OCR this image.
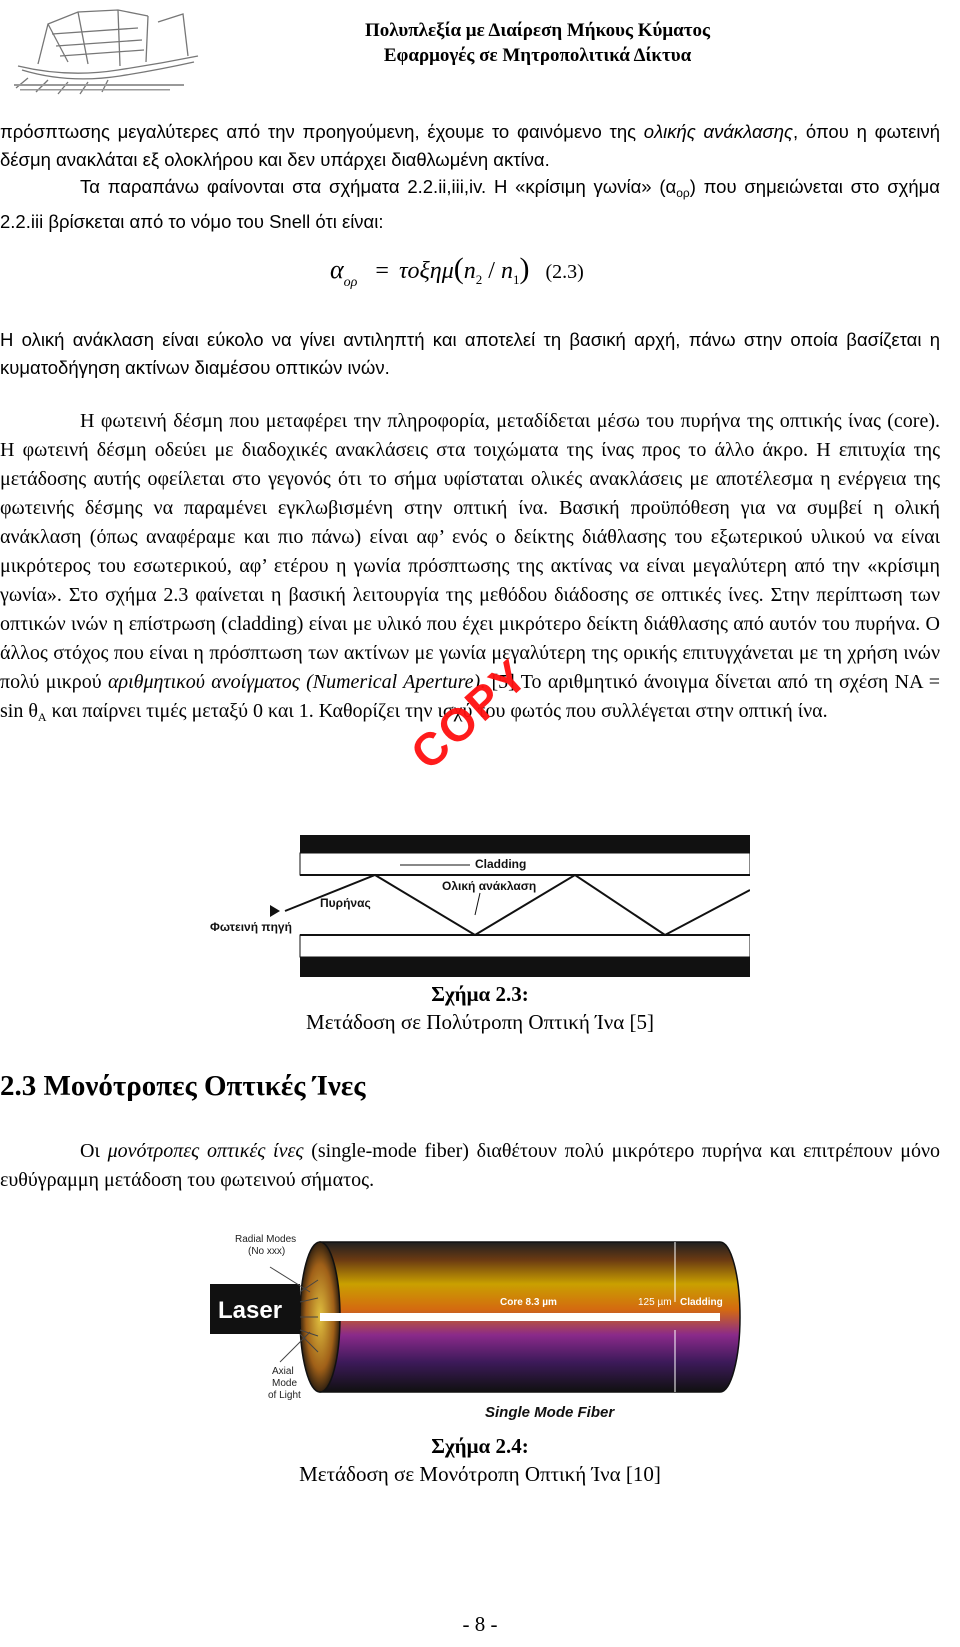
Πολυπλεξία με Διαίρεση Μήκους Κύματος
Εφαρμογές σε Μητροπολιτικά Δίκτυα

πρόσπτωσης μεγαλύτερες από την προηγούμενη, έχουμε το φαινόμενο της ολικής ανάκλασης, όπου η φωτεινή δέσμη ανακλάται εξ ολοκλήρου και δεν υπάρχει διαθλωμένη ακτίνα.

Τα παραπάνω φαίνονται στα σχήματα 2.2.ii,iii,iv. Η «κρίσιμη γωνία» $(\alpha_{o\rho})$ που σημειώνεται στο σχήμα 2.2.iii βρίσκεται από το νόμο του Snell ότι είναι:

$\alpha_{o\rho} = \tau o\xi\eta\mu(n_2 / n_1)$ (2.3)

Η ολική ανάκλαση είναι εύκολο να γίνει αντιληπτή και αποτελεί τη βασική αρχή, πάνω στην οποία βασίζεται η κυματοδήγηση ακτίνων διαμέσου οπτικών ινών.

Η φωτεινή δέσμη που μεταφέρει την πληροφορία, μεταδίδεται μέσω του πυρήνα της οπτικής ίνας (core). Η φωτεινή δέσμη οδεύει με διαδοχικές ανακλάσεις στα τοιχώματα της ίνας προς το άλλο άκρο. Η επιτυχία της μετάδοσης αυτής οφείλεται στο γεγονός ότι το σήμα υφίσταται ολικές ανακλάσεις με αποτέλεσμα η ενέργεια της φωτεινής δέσμης να παραμένει εγκλωβισμένη στην οπτική ίνα. Βασική προϋπόθεση για να συμβεί η ολική ανάκλαση (όπως αναφέραμε και πιο πάνω) είναι αφ’ ενός ο δείκτης διάθλασης του εξωτερικού υλικού να είναι μικρότερος του εσωτερικού, αφ’ ετέρου η γωνία πρόσπτωσης της ακτίνας να είναι μεγαλύτερη από την «κρίσιμη γωνία». Στο σχήμα 2.3 φαίνεται η βασική λειτουργία της μεθόδου διάδοσης σε οπτικές ίνες. Στην περίπτωση των οπτικών ινών η επίστρωση (cladding) είναι με υλικό που έχει μικρότερο δείκτη διάθλασης από αυτόν του πυρήνα. Ο άλλος στόχος που είναι η πρόσπτωση των ακτίνων με γωνία μεγαλύτερη της ορικής επιτυγχάνεται με τη χρήση ινών πολύ μικρού αριθμητικού ανοίγματος (Numerical Aperture). [5] Το αριθμητικό άνοιγμα δίνεται από τη σχέση $NA = \sin \theta_A$ και παίρνει τιμές μεταξύ 0 και 1. Καθορίζει την ισχύ του φωτός που συλλέγεται στην οπτική ίνα.

COPY
Cladding
Ολική ανάκλαση
Πυρήνας
Φωτεινή πηγή
Σχήμα 2.3:
Μετάδοση σε Πολύτροπη Οπτική Ίνα [5]
2.3 Μονότροπες Οπτικές Ίνες

Οι μονότροπες οπτικές ίνες (single-mode fiber) διαθέτουν πολύ μικρότερο πυρήνα και επιτρέπουν μόνο ευθύγραμμη μετάδοση του φωτεινού σήματος.

Laser
Radial Modes
(No xxx)
Axial
Mode
of Light
Core 8.3 µm	125 µm Cladding
Single Mode Fiber
Σχήμα 2.4:
Μετάδοση σε Μονότροπη Οπτική Ίνα [10]
- 8 -
